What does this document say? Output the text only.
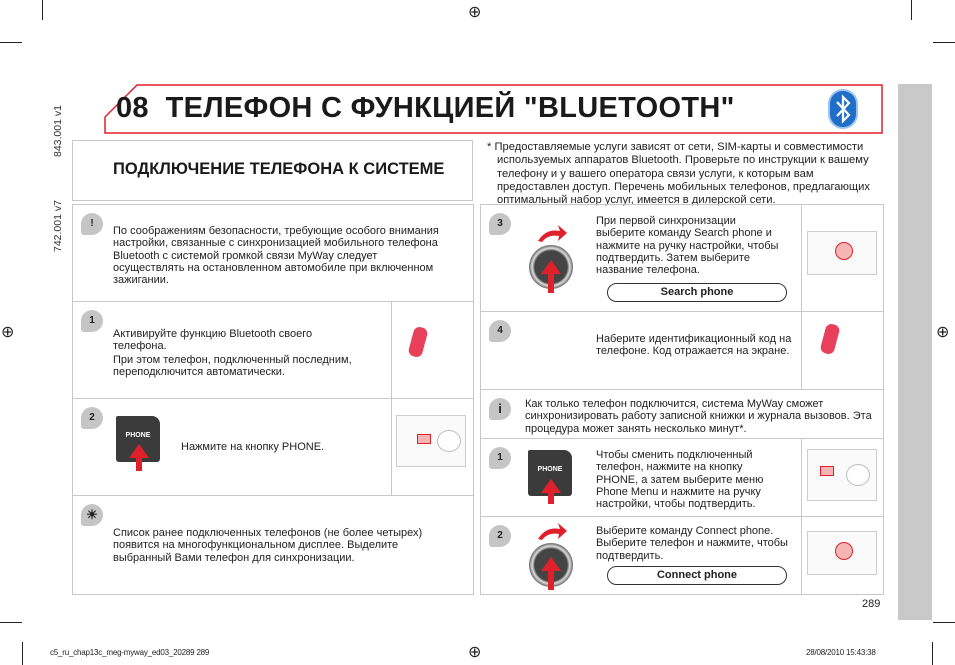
⊕
⊕	⊕
⊕
843.001 v1
742.001 v7
08 ТЕЛЕФОН С ФУНКЦИЕЙ "BLUETOOTH"
ПОДКЛЮЧЕНИЕ ТЕЛЕФОНА К СИСТЕМЕ
* Предоставляемые услуги зависят от сети, SIM-карты и совместимости используемых аппаратов Bluetooth. Проверьте по инструкции к вашему телефону и у вашего оператора связи услуги, к которым вам предоставлен доступ. Перечень мобильных телефонов, предлагающих оптимальный набор услуг, имеется в дилерской сети.
!
По соображениям безопасности, требующие особого внимания настройки, связанные с синхронизацией мобильного телефона Bluetooth с системой громкой связи MyWay следует осуществлять на остановленном автомобиле при включенном зажигании.
1
Активируйте функцию Bluetooth своего телефона.
При этом телефон, подключенный последним, переподключится автоматически.
2
PHONE
Нажмите на кнопку PHONE.
☀
Список ранее подключенных телефонов (не более четырех) появится на многофункциональном дисплее. Выделите выбранный Вами телефон для синхронизации.
3	При первой синхронизации выберите команду Search phone и нажмите на ручку настройки, чтобы подтвердить. Затем выберите название телефона.
Search phone
4
Наберите идентификационный код на телефоне. Код отражается на экране.
i	Как только телефон подключится, система MyWay сможет синхронизировать работу записной книжки и журнала вызовов. Эта процедура может занять несколько минут*.
1
PHONE
Чтобы сменить подключенный телефон, нажмите на кнопку PHONE, а затем выберите меню Phone Menu и нажмите на ручку настройки, чтобы подтвердить.
2	Выберите команду Connect phone. Выберите телефон и нажмите, чтобы подтвердить.
Connect phone
289
c5_ru_chap13c_meg-myway_ed03_20289 289	28/08/2010 15:43:38
